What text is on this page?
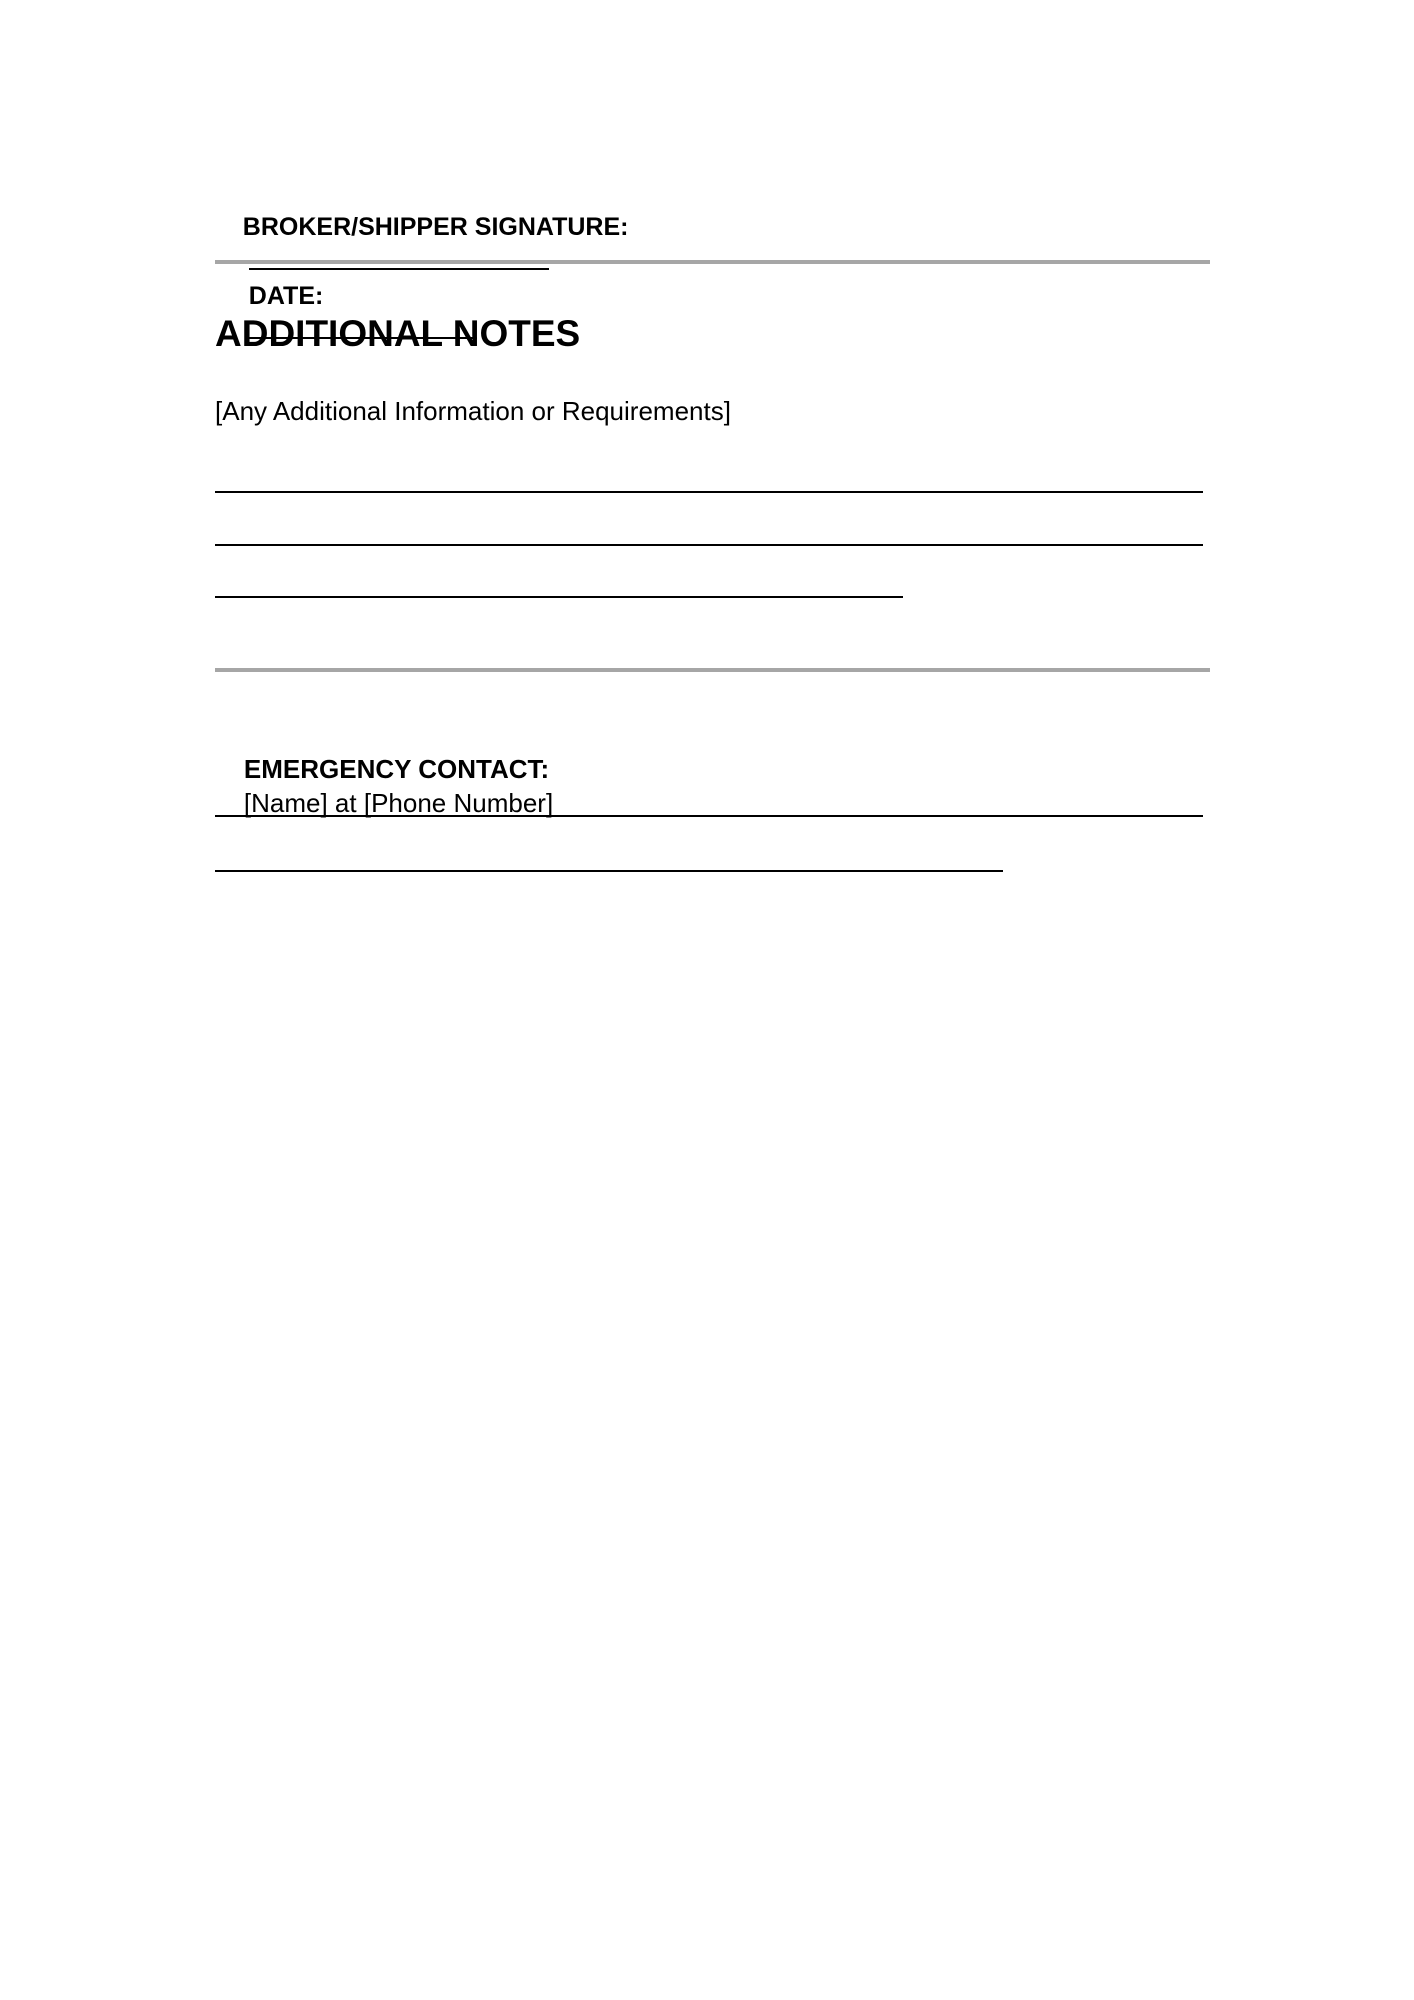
BROKER/SHIPPER SIGNATURE:

DATE:

ADDITIONAL NOTES
[Any Additional Information or Requirements]

EMERGENCY CONTACT:
[Name] at [Phone Number]
